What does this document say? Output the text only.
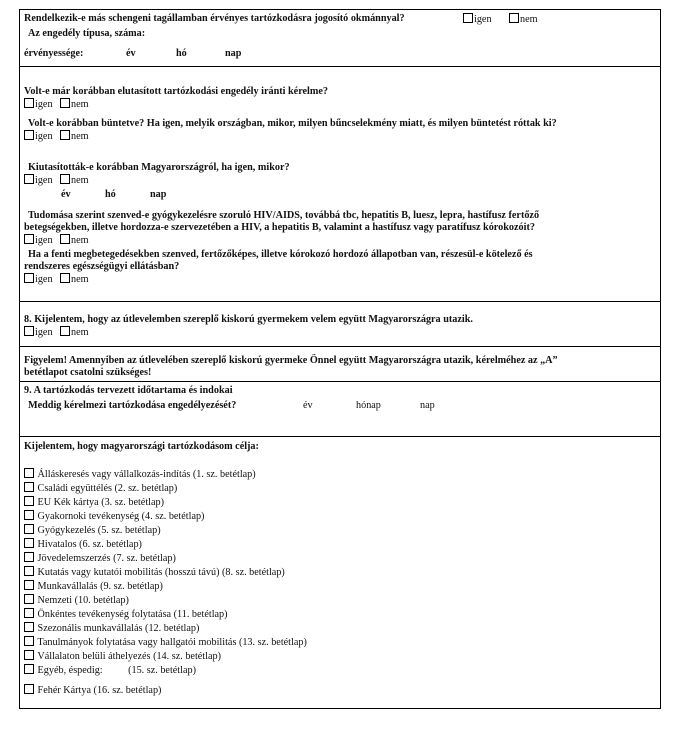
Rendelkezik-e más schengeni tagállamban érvényes tartózkodásra jogosító okmánnyal?	igen	nem
Az engedély típusa, száma:
érvényessége:	év	hó	nap
Volt-e már korábban elutasított tartózkodási engedély iránti kérelme?
igen	nem
Volt-e korábban büntetve? Ha igen, melyik országban, mikor, milyen bűncselekmény miatt, és milyen büntetést róttak ki?
igen	nem
Kiutasították-e korábban Magyarországról, ha igen, mikor?
igen	nem
év	hó	nap
Tudomása szerint szenved-e gyógykezelésre szoruló HIV/AIDS, továbbá tbc, hepatitis B, luesz, lepra, hastífusz fertőző
betegségekben, illetve hordozza-e szervezetében a HIV, a hepatitis B, valamint a hastífusz vagy paratífusz kórokozóit?
igen	nem
Ha a fenti megbetegedésekben szenved, fertőzőképes, illetve kórokozó hordozó állapotban van, részesül-e kötelező és
rendszeres egészségügyi ellátásban?
igen	nem
8. Kijelentem, hogy az útlevelemben szereplő kiskorú gyermekem velem együtt Magyarországra utazik.
igen	nem
Figyelem! Amennyiben az útlevelében szereplő kiskorú gyermeke Önnel együtt Magyarországra utazik, kérelméhez az „A”
betétlapot csatolni szükséges!
9. A tartózkodás tervezett időtartama és indokai
Meddig kérelmezi tartózkodása engedélyezését?	év	hónap	nap
Kijelentem, hogy magyarországi tartózkodásom célja:
Álláskeresés vagy vállalkozás-indítás (1. sz. betétlap)
Családi együttélés (2. sz. betétlap)
EU Kék kártya (3. sz. betétlap)
Gyakornoki tevékenység (4. sz. betétlap)
Gyógykezelés (5. sz. betétlap)
Hivatalos (6. sz. betétlap)
Jövedelemszerzés (7. sz. betétlap)
Kutatás vagy kutatói mobilitás (hosszú távú) (8. sz. betétlap)
Munkavállalás (9. sz. betétlap)
Nemzeti (10. betétlap)
Önkéntes tevékenység folytatása (11. betétlap)
Szezonális munkavállalás (12. betétlap)
Tanulmányok folytatása vagy hallgatói mobilitás (13. sz. betétlap)
Vállalaton belüli áthelyezés (14. sz. betétlap)
Egyéb, éspedig:          (15. sz. betétlap)
Fehér Kártya (16. sz. betétlap)
